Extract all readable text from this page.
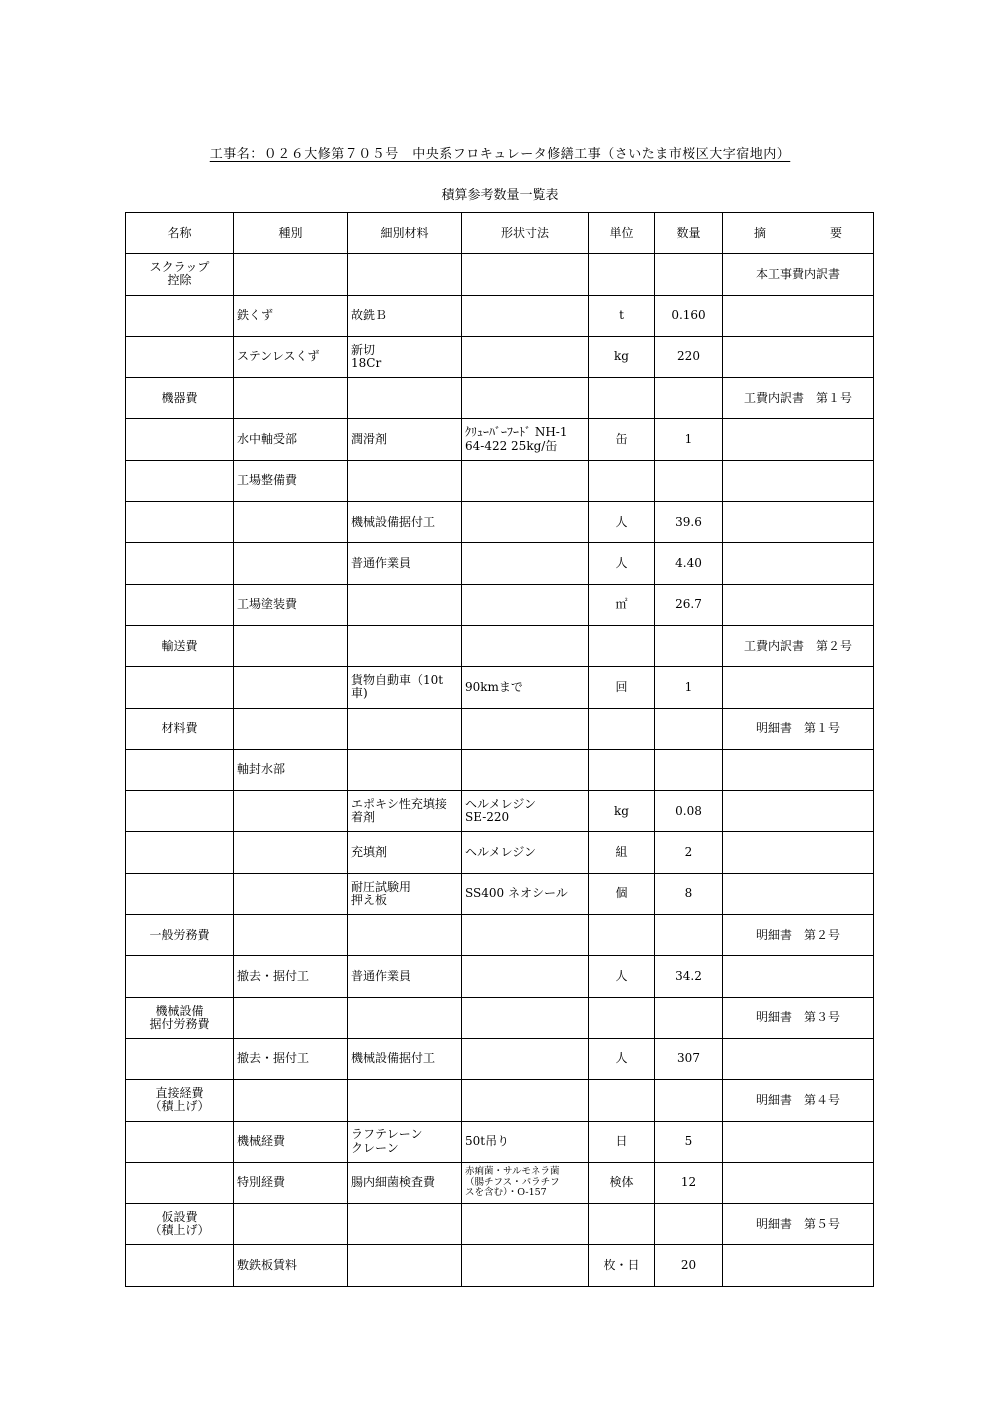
工事名：０２６大修第７０５号　中央系フロキュレータ修繕工事（さいたま市桜区大字宿地内）
積算参考数量一覧表
名称	種別	細別材料	形状寸法	単位	数量	摘 要

スクラップ
控除						本工事費内訳書

	鉄くず	故銑Ｂ		t	0.160	

	ステンレスくず	新切
18Cr		kg	220	

機器費						工費内訳書　第１号

	水中軸受部	潤滑剤	ｸﾘｭｰﾊﾞｰﾌｰﾄﾞ NH-1
64-422 25kg/缶	缶	1	

	工場整備費					

		機械設備据付工		人	39.6	

		普通作業員		人	4.40	

	工場塗装費			㎡	26.7	

輸送費						工費内訳書　第２号

		貨物自動車（10t
車)	90kmまで	回	1	

材料費						明細書　第１号

	軸封水部					

		エポキシ性充填接
着剤	ヘルメレジン
SE-220	kg	0.08	

		充填剤	ヘルメレジン	組	2	

		耐圧試験用
押え板	SS400 ネオシール	個	8	

一般労務費						明細書　第２号

	撤去・据付工	普通作業員		人	34.2	

機械設備
据付労務費						明細書　第３号

	撤去・据付工	機械設備据付工		人	307	

直接経費
（積上げ）						明細書　第４号

	機械経費	ラフテレーン
クレーン	50t吊り	日	5	

	特別経費	腸内細菌検査費	赤痢菌・サルモネラ菌
（腸チフス・パラチフ
スを含む）・O-157	検体	12	

仮設費
（積上げ）						明細書　第５号

	敷鉄板賃料			枚・日	20	
